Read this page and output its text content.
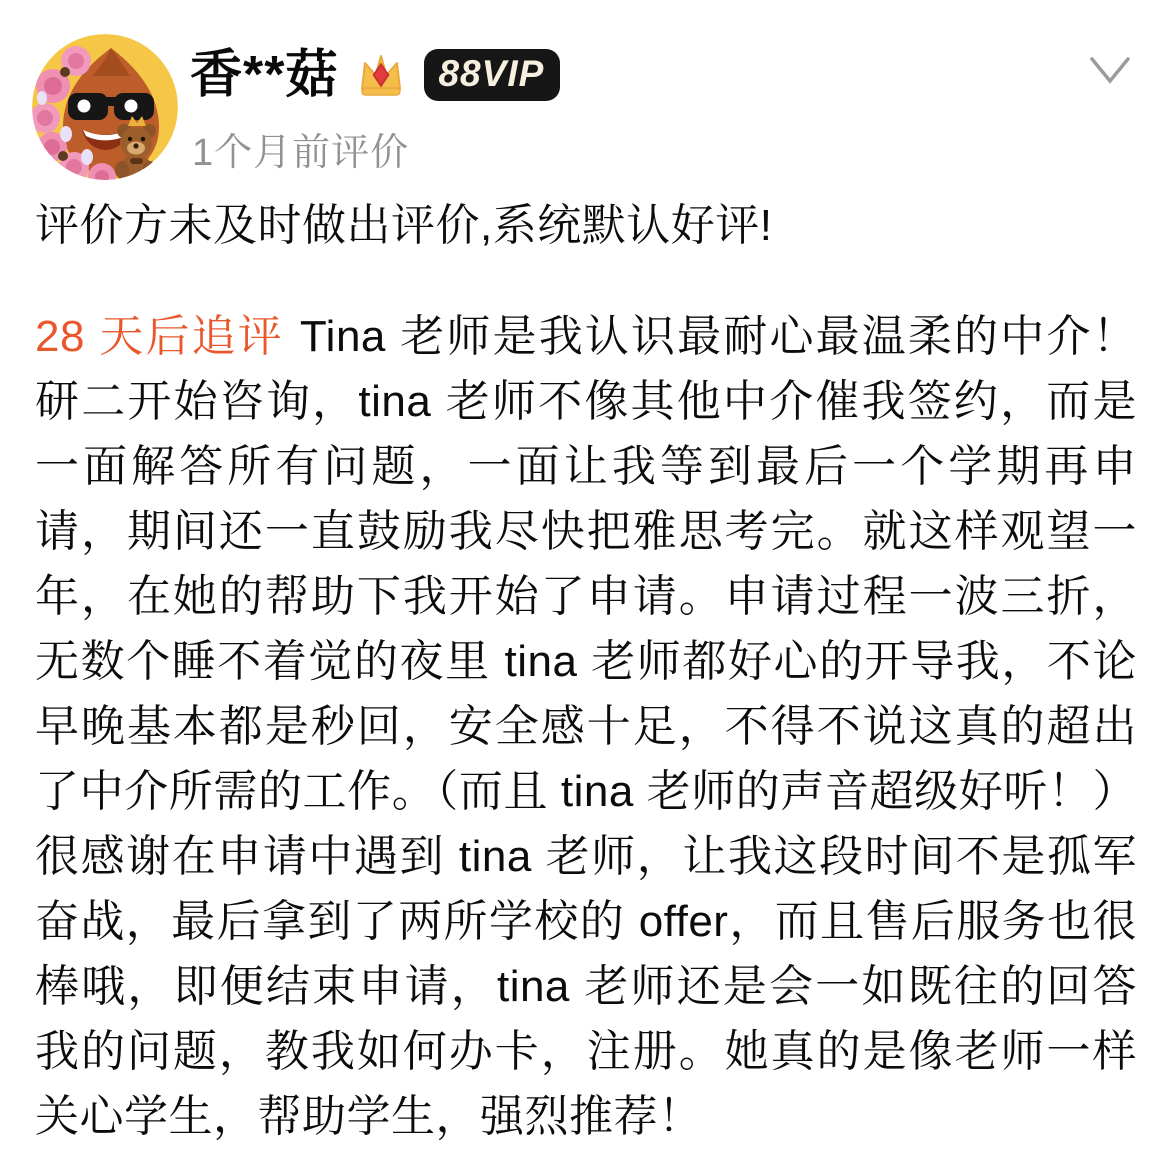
香**菇	88VIP
1个月前评价

评价方未及时做出评价,系统默认好评!

28 天后追评 Tina 老师是我认识最耐心最温柔的中介！研二开始咨询，tina 老师不像其他中介催我签约，而是一面解答所有问题，一面让我等到最后一个学期再申请，期间还一直鼓励我尽快把雅思考完。就这样观望一年，在她的帮助下我开始了申请。申请过程一波三折，无数个睡不着觉的夜里 tina 老师都好心的开导我，不论早晚基本都是秒回，安全感十足，不得不说这真的超出了中介所需的工作。（而且 tina 老师的声音超级好听！）很感谢在申请中遇到 tina 老师，让我这段时间不是孤军奋战，最后拿到了两所学校的 offer，而且售后服务也很棒哦，即便结束申请，tina 老师还是会一如既往的回答我的问题，教我如何办卡，注册。她真的是像老师一样关心学生，帮助学生，强烈推荐！
